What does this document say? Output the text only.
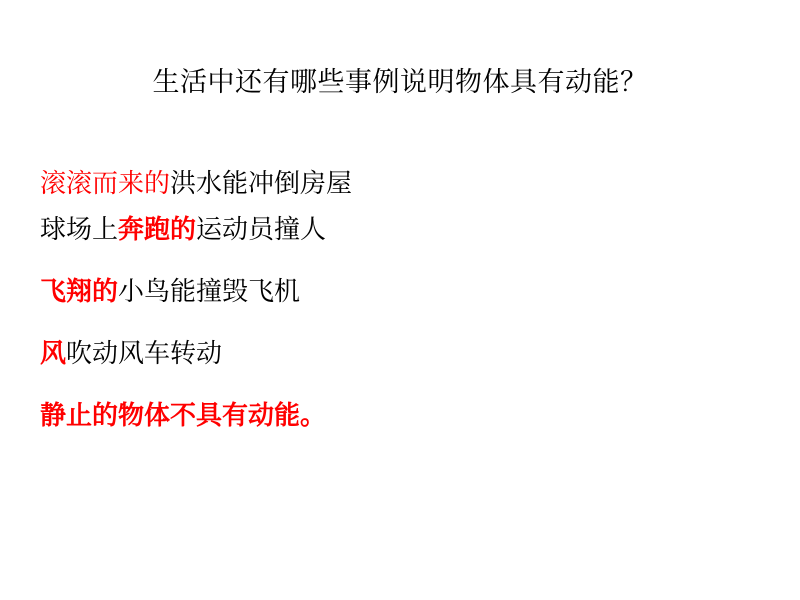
生活中还有哪些事例说明物体具有动能？
滚滚而来的洪水能冲倒房屋
球场上奔跑的运动员撞人
飞翔的小鸟能撞毁飞机
风吹动风车转动
静止的物体不具有动能。
